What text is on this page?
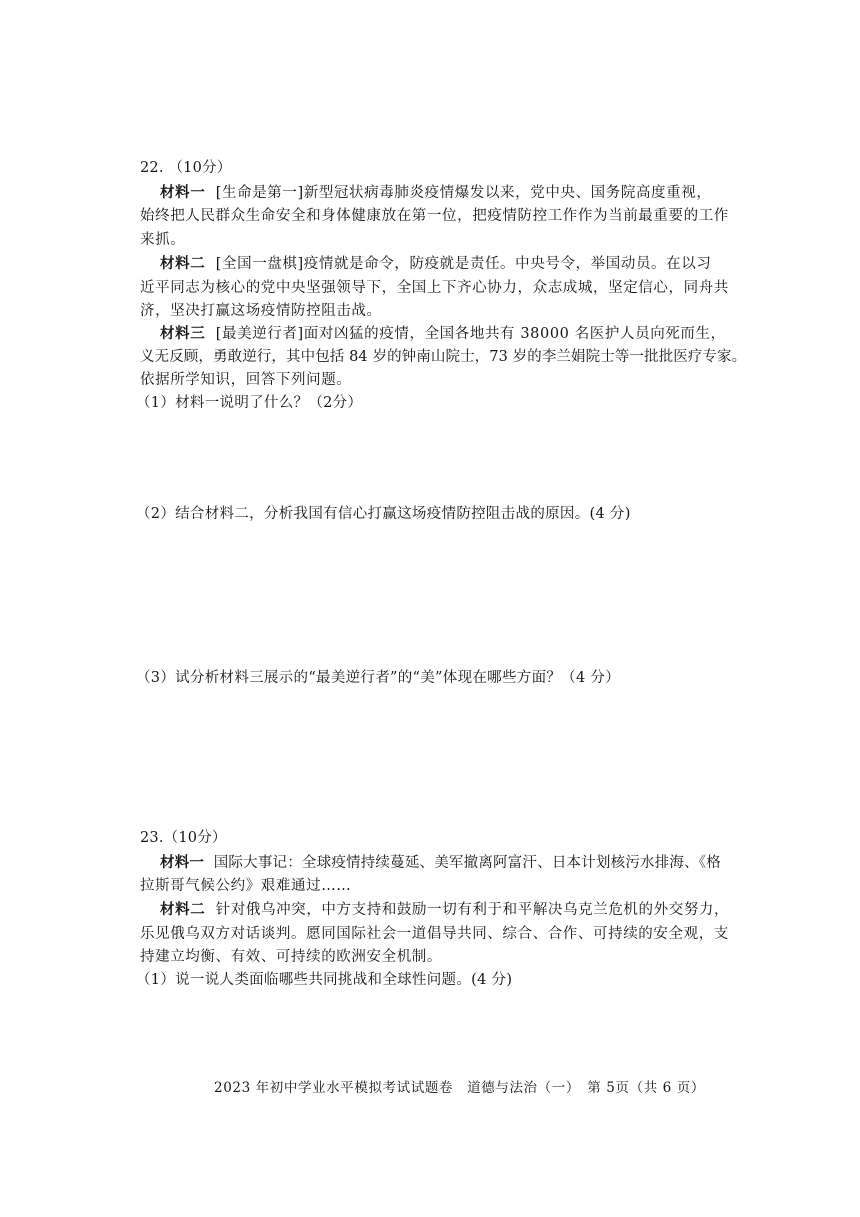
22. （10分）
材料一 [生命是第一]新型冠状病毒肺炎疫情爆发以来，党中央、国务院高度重视，
始终把人民群众生命安全和身体健康放在第一位，把疫情防控工作作为当前最重要的工作
来抓。
材料二 [全国一盘棋]疫情就是命令，防疫就是责任。中央号令，举国动员。在以习
近平同志为核心的党中央坚强领导下，全国上下齐心协力，众志成城，坚定信心，同舟共
济，坚决打赢这场疫情防控阻击战。
材料三 [最美逆行者]面对凶猛的疫情，全国各地共有 38000 名医护人员向死而生，
义无反顾，勇敢逆行，其中包括 84 岁的钟南山院士，73 岁的李兰娟院士等一批批医疗专家。
依据所学知识，回答下列问题。
（1）材料一说明了什么？（2分）
（2）结合材料二，分析我国有信心打赢这场疫情防控阻击战的原因。(4 分)
（3）试分析材料三展示的“最美逆行者”的“美”体现在哪些方面？（4 分）
23.（10分）
材料一 国际大事记：全球疫情持续蔓延、美军撤离阿富汗、日本计划核污水排海、《格
拉斯哥气候公约》艰难通过……
材料二 针对俄乌冲突，中方支持和鼓励一切有利于和平解决乌克兰危机的外交努力，
乐见俄乌双方对话谈判。愿同国际社会一道倡导共同、综合、合作、可持续的安全观，支
持建立均衡、有效、可持续的欧洲安全机制。
（1）说一说人类面临哪些共同挑战和全球性问题。(4 分)
2023 年初中学业水平模拟考试试题卷　道德与法治（一）　第 5页（共 6 页）
